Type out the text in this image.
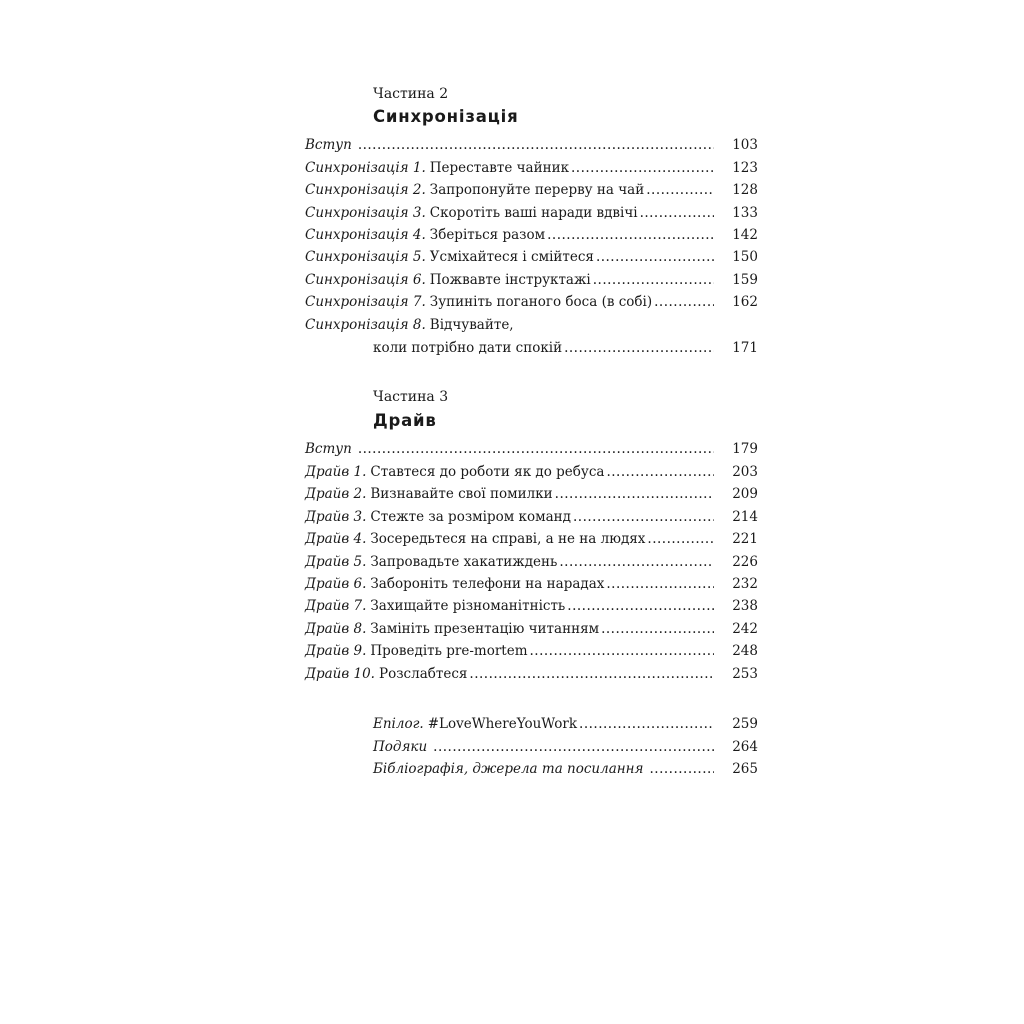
Частина 2
Синхронізація
Вступ .....	103
Синхронізація 1. Переставте чайник .....	123
Синхронізація 2. Запропонуйте перерву на чай .....	128
Синхронізація 3. Скоротіть ваші наради вдвічі .....	133
Синхронізація 4. Зберіться разом .....	142
Синхронізація 5. Усміхайтеся і смійтеся .....	150
Синхронізація 6. Пожвавте інструктажі .....	159
Синхронізація 7. Зупиніть поганого боса (в собі) .....	162
Синхронізація 8. Відчувайте,
коли потрібно дати спокій .....	171
Частина 3
Драйв
Вступ .....	179
Драйв 1. Ставтеся до роботи як до ребуса .....	203
Драйв 2. Визнавайте свої помилки .....	209
Драйв 3. Стежте за розміром команд .....	214
Драйв 4. Зосередьтеся на справі, а не на людях .....	221
Драйв 5. Запровадьте хакатиждень .....	226
Драйв 6. Забороніть телефони на нарадах .....	232
Драйв 7. Захищайте різноманітність .....	238
Драйв 8. Замініть презентацію читанням .....	242
Драйв 9. Проведіть pre-mortem .....	248
Драйв 10. Розслабтеся .....	253
Епілог. #LoveWhereYouWork .....	259
Подяки .....	264
Бібліографія, джерела та посилання .....	265
